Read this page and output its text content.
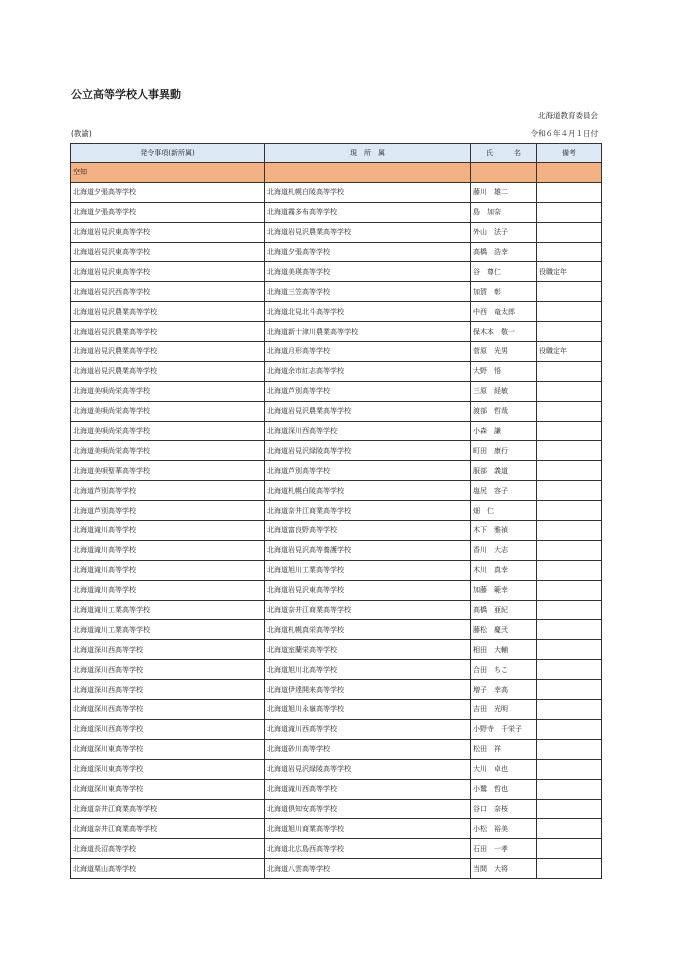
公立高等学校人事異動
北海道教育委員会
(教諭)	令和６年４月１日付
発令事項(新所属)	現　所　属	氏　　　名	備考
空知			
北海道夕張高等学校	北海道札幌白陵高等学校	藤川　雄二	
北海道夕張高等学校	北海道霧多布高等学校	島　加奈	
北海道岩見沢東高等学校	北海道岩見沢農業高等学校	外山　法子	
北海道岩見沢東高等学校	北海道夕張高等学校	高橋　浩幸	
北海道岩見沢東高等学校	北海道美瑛高等学校	谷　尊仁	役職定年
北海道岩見沢西高等学校	北海道三笠高等学校	加賀　彰	
北海道岩見沢農業高等学校	北海道北見北斗高等学校	中西　竜太郎	
北海道岩見沢農業高等学校	北海道新十津川農業高等学校	保木本　敬一	
北海道岩見沢農業高等学校	北海道月形高等学校	菅原　光男	役職定年
北海道岩見沢農業高等学校	北海道余市紅志高等学校	大野　悟	
北海道美唄尚栄高等学校	北海道芦別高等学校	三原　経敏	
北海道美唄尚栄高等学校	北海道岩見沢農業高等学校	渡部　哲哉	
北海道美唄尚栄高等学校	北海道深川西高等学校	小森　謙	
北海道美唄尚栄高等学校	北海道岩見沢緑陵高等学校	町田　康行	
北海道美唄聖華高等学校	北海道芦別高等学校	服部　義道	
北海道芦別高等学校	北海道札幌白陵高等学校	塩尻　容子	
北海道芦別高等学校	北海道奈井江商業高等学校	畑　仁	
北海道滝川高等学校	北海道富良野高等学校	木下　雅禎	
北海道滝川高等学校	北海道岩見沢高等養護学校	香川　大志	
北海道滝川高等学校	北海道旭川工業高等学校	木川　真幸	
北海道滝川高等学校	北海道岩見沢東高等学校	加藤　範幸	
北海道滝川工業高等学校	北海道奈井江商業高等学校	高橋　亜紀	
北海道滝川工業高等学校	北海道札幌真栄高等学校	藤松　慶弐	
北海道深川西高等学校	北海道室蘭栄高等学校	相田　大輔	
北海道深川西高等学校	北海道旭川北高等学校	合田　ちこ	
北海道深川西高等学校	北海道伊達開来高等学校	増子　幸高	
北海道深川西高等学校	北海道旭川永嶺高等学校	吉田　光明	
北海道深川西高等学校	北海道滝川西高等学校	小野寺　千栄子	
北海道深川東高等学校	北海道砂川高等学校	松田　祥	
北海道深川東高等学校	北海道岩見沢緑陵高等学校	大川　卓也	
北海道深川東高等学校	北海道滝川西高等学校	小鷲　哲也	
北海道奈井江商業高等学校	北海道倶知安高等学校	谷口　奈桜	
北海道奈井江商業高等学校	北海道旭川商業高等学校	小松　裕美	
北海道長沼高等学校	北海道北広島西高等学校	石田　一孝	
北海道栗山高等学校	北海道八雲高等学校	当間　大将	
